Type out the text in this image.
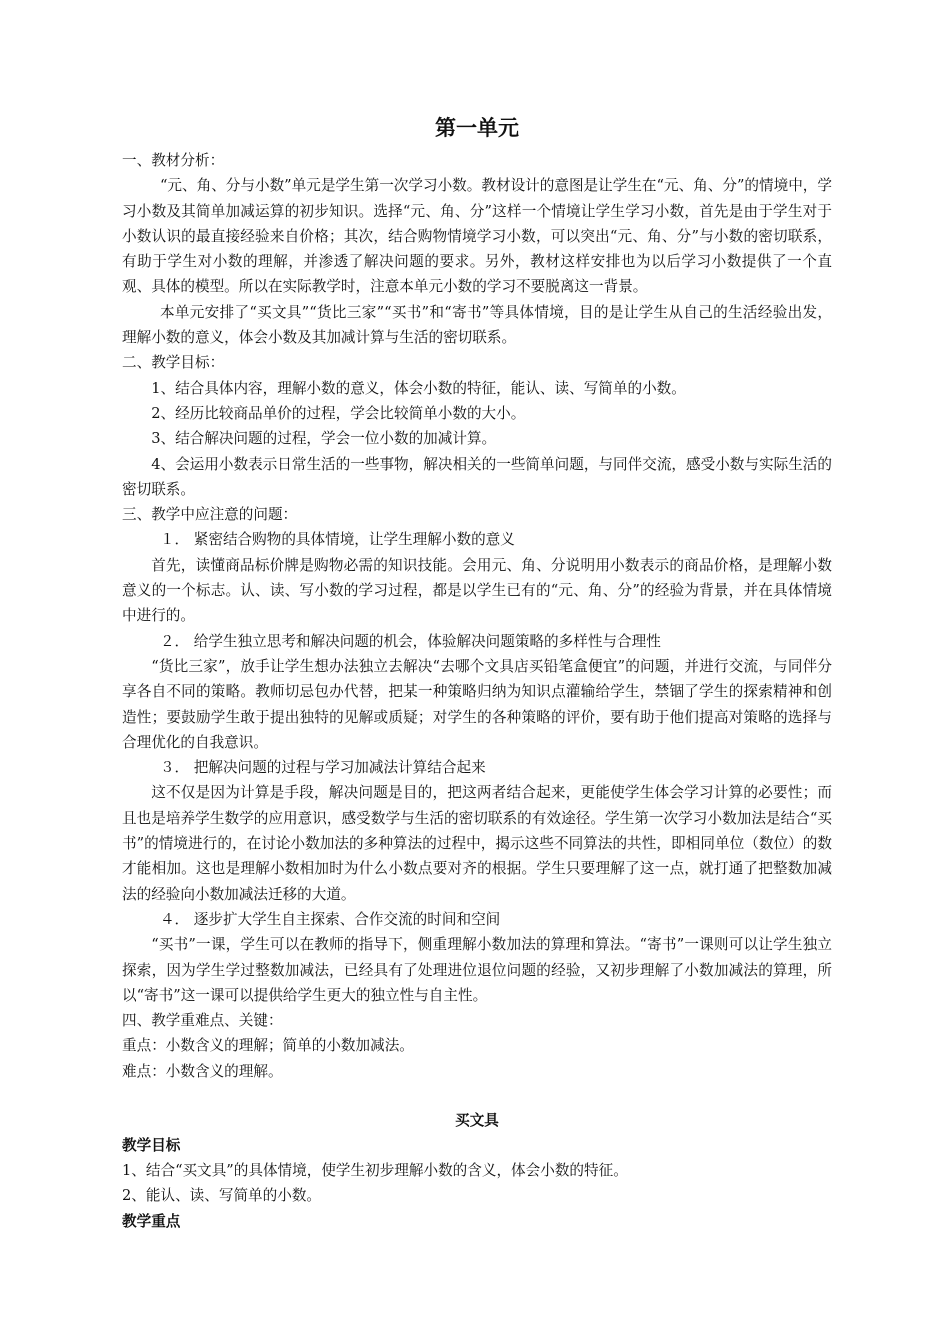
第一单元
一、教材分析：
“元、角、分与小数”单元是学生第一次学习小数。教材设计的意图是让学生在“元、角、分”的情境中，学习小数及其简单加减运算的初步知识。选择“元、角、分”这样一个情境让学生学习小数，首先是由于学生对于小数认识的最直接经验来自价格；其次，结合购物情境学习小数，可以突出“元、角、分”与小数的密切联系，有助于学生对小数的理解，并渗透了解决问题的要求。另外，教材这样安排也为以后学习小数提供了一个直观、具体的模型。所以在实际教学时，注意本单元小数的学习不要脱离这一背景。
本单元安排了“买文具”“货比三家”“买书”和“寄书”等具体情境，目的是让学生从自己的生活经验出发，理解小数的意义，体会小数及其加减计算与生活的密切联系。
二、教学目标：
1、结合具体内容，理解小数的意义，体会小数的特征，能认、读、写简单的小数。
2、经历比较商品单价的过程，学会比较简单小数的大小。
3、结合解决问题的过程，学会一位小数的加减计算。
4、会运用小数表示日常生活的一些事物，解决相关的一些简单问题，与同伴交流，感受小数与实际生活的密切联系。
三、教学中应注意的问题：
１． 紧密结合购物的具体情境，让学生理解小数的意义
首先，读懂商品标价牌是购物必需的知识技能。会用元、角、分说明用小数表示的商品价格，是理解小数意义的一个标志。认、读、写小数的学习过程，都是以学生已有的“元、角、分”的经验为背景，并在具体情境中进行的。
２． 给学生独立思考和解决问题的机会，体验解决问题策略的多样性与合理性
“货比三家”，放手让学生想办法独立去解决“去哪个文具店买铅笔盒便宜”的问题，并进行交流，与同伴分享各自不同的策略。教师切忌包办代替，把某一种策略归纳为知识点灌输给学生，禁锢了学生的探索精神和创造性；要鼓励学生敢于提出独特的见解或质疑；对学生的各种策略的评价，要有助于他们提高对策略的选择与合理优化的自我意识。
３． 把解决问题的过程与学习加减法计算结合起来
这不仅是因为计算是手段，解决问题是目的，把这两者结合起来，更能使学生体会学习计算的必要性；而且也是培养学生数学的应用意识，感受数学与生活的密切联系的有效途径。学生第一次学习小数加法是结合“买书”的情境进行的，在讨论小数加法的多种算法的过程中，揭示这些不同算法的共性，即相同单位（数位）的数才能相加。这也是理解小数相加时为什么小数点要对齐的根据。学生只要理解了这一点，就打通了把整数加减法的经验向小数加减法迁移的大道。
４． 逐步扩大学生自主探索、合作交流的时间和空间
“买书”一课，学生可以在教师的指导下，侧重理解小数加法的算理和算法。“寄书”一课则可以让学生独立探索，因为学生学过整数加减法，已经具有了处理进位退位问题的经验，又初步理解了小数加减法的算理，所以“寄书”这一课可以提供给学生更大的独立性与自主性。
四、教学重难点、关键：
重点：小数含义的理解；简单的小数加减法。
难点：小数含义的理解。
买文具
教学目标
1、结合“买文具”的具体情境，使学生初步理解小数的含义，体会小数的特征。
2、能认、读、写简单的小数。
教学重点
